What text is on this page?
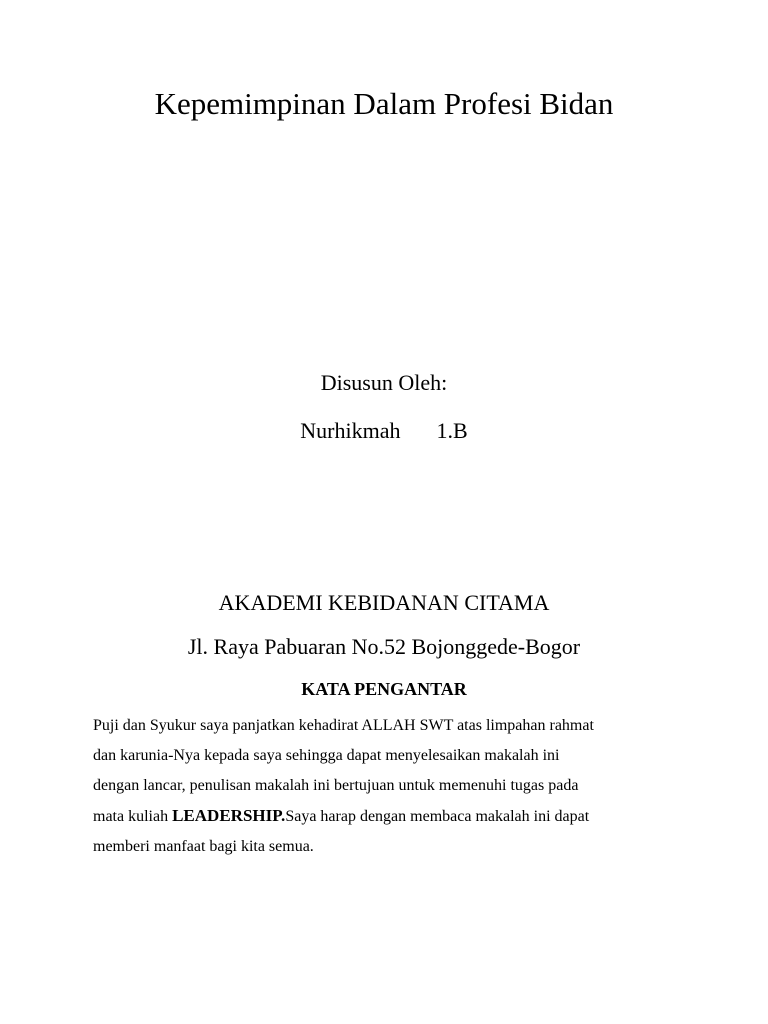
Kepemimpinan Dalam Profesi Bidan
Disusun Oleh:
Nurhikmah 1.B
AKADEMI KEBIDANAN CITAMA
Jl. Raya Pabuaran No.52 Bojonggede-Bogor
KATA PENGANTAR
Puji dan Syukur saya panjatkan kehadirat ALLAH SWT atas limpahan rahmat
dan karunia-Nya kepada saya sehingga dapat menyelesaikan makalah ini
dengan lancar, penulisan makalah ini bertujuan untuk memenuhi tugas pada
mata kuliah LEADERSHIP.Saya harap dengan membaca makalah ini dapat
memberi manfaat bagi kita semua.
